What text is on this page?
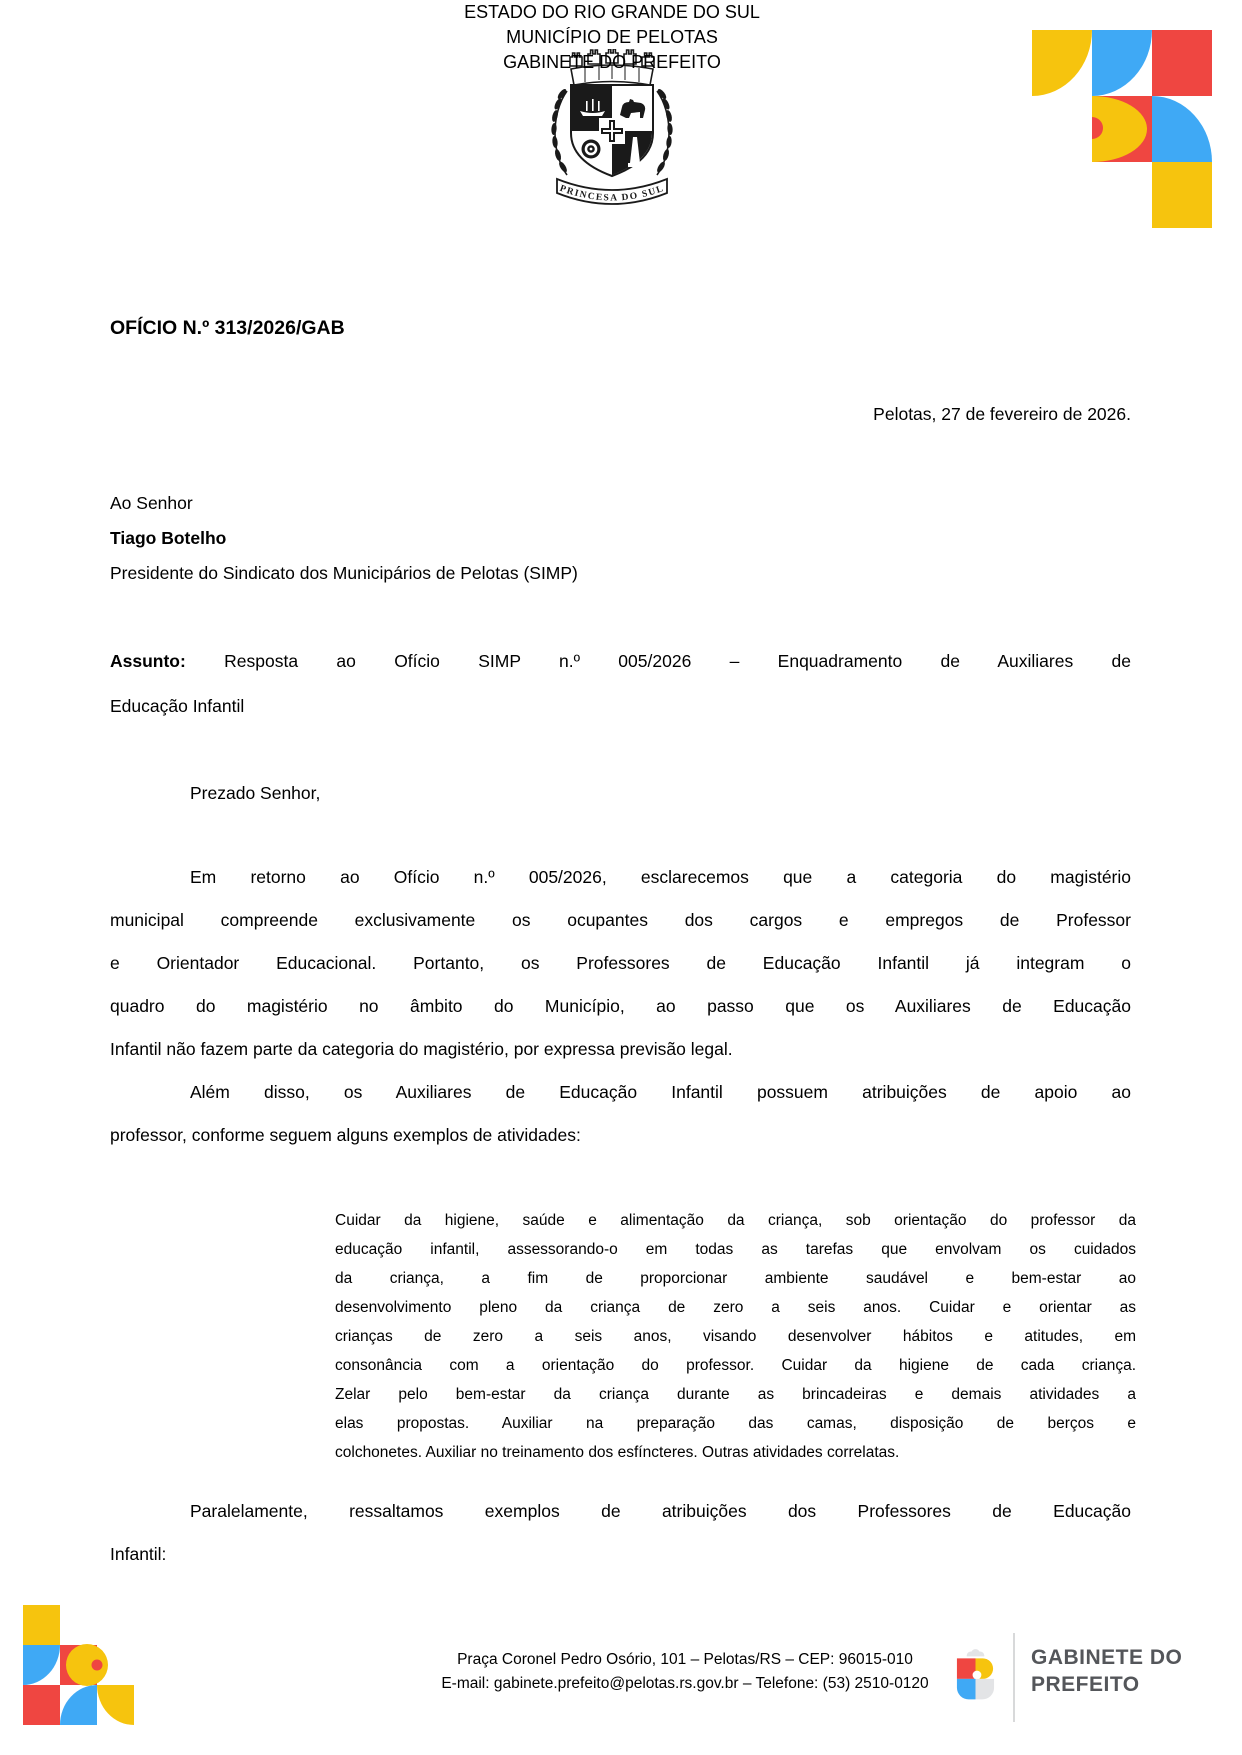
PRINCESA DO SUL
ESTADO DO RIO GRANDE DO SUL
MUNICÍPIO DE PELOTAS
GABINETE DO PREFEITO
OFÍCIO N.º 313/2026/GAB
Pelotas, 27 de fevereiro de 2026.
Ao Senhor
Tiago Botelho
Presidente do Sindicato dos Municipários de Pelotas (SIMP)
Assunto: Resposta ao Ofício SIMP n.º 005/2026 – Enquadramento de Auxiliares de
Educação Infantil
Prezado Senhor,
Em retorno ao Ofício n.º 005/2026, esclarecemos que a categoria do magistério
municipal compreende exclusivamente os ocupantes dos cargos e empregos de Professor
e Orientador Educacional. Portanto, os Professores de Educação Infantil já integram o
quadro do magistério no âmbito do Município, ao passo que os Auxiliares de Educação
Infantil não fazem parte da categoria do magistério, por expressa previsão legal.
Além disso, os Auxiliares de Educação Infantil possuem atribuições de apoio ao
professor, conforme seguem alguns exemplos de atividades:
Cuidar da higiene, saúde e alimentação da criança, sob orientação do professor da
educação infantil, assessorando-o em todas as tarefas que envolvam os cuidados
da criança, a fim de proporcionar ambiente saudável e bem-estar ao
desenvolvimento pleno da criança de zero a seis anos. Cuidar e orientar as
crianças de zero a seis anos, visando desenvolver hábitos e atitudes, em
consonância com a orientação do professor. Cuidar da higiene de cada criança.
Zelar pelo bem-estar da criança durante as brincadeiras e demais atividades a
elas propostas. Auxiliar na preparação das camas, disposição de berços e
colchonetes. Auxiliar no treinamento dos esfíncteres. Outras atividades correlatas.
Paralelamente, ressaltamos exemplos de atribuições dos Professores de Educação
Infantil:
Praça Coronel Pedro Osório, 101 – Pelotas/RS – CEP: 96015-010
E-mail: gabinete.prefeito@pelotas.rs.gov.br – Telefone: (53) 2510-0120
GABINETE DO
PREFEITO
